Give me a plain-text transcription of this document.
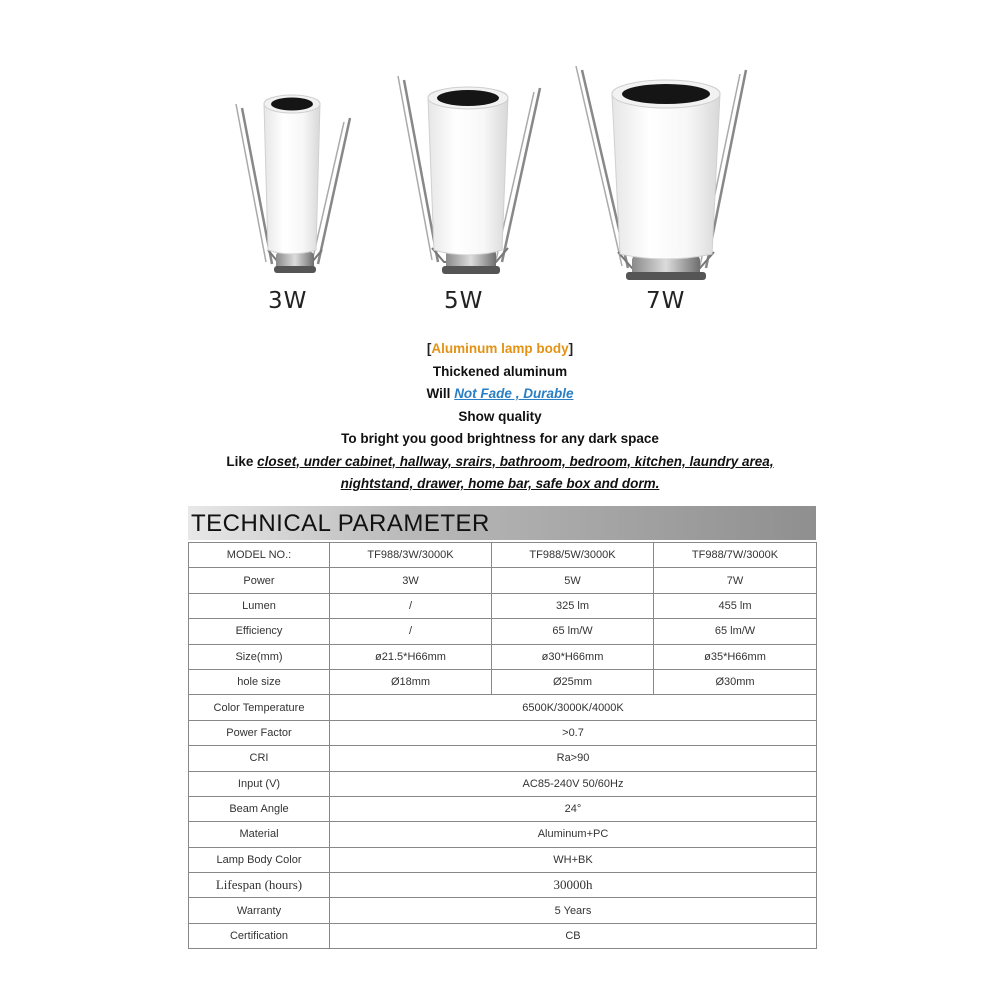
3W	5W	7W
[Aluminum lamp body]
Thickened aluminum
Will Not Fade , Durable
Show quality
To bright you good brightness for any dark space
Like closet, under cabinet, hallway, srairs, bathroom, bedroom, kitchen, laundry area,
nightstand, drawer, home bar, safe box and dorm.
TECHNICAL PARAMETER
MODEL NO.:	TF988/3W/3000K	TF988/5W/3000K	TF988/7W/3000K
Power	3W	5W	7W
Lumen	/	325 lm	455 lm
Efficiency	/	65 lm/W	65 lm/W
Size(mm)	ø21.5*H66mm	ø30*H66mm	ø35*H66mm
hole size	Ø18mm	Ø25mm	Ø30mm
Color Temperature	6500K/3000K/4000K		
Power Factor	>0.7		
CRI	Ra>90		
Input (V)	AC85-240V 50/60Hz		
Beam Angle	24°		
Material	Aluminum+PC		
Lamp Body Color	WH+BK		
Lifespan (hours)	30000h		
Warranty	5 Years		
Certification	CB		
